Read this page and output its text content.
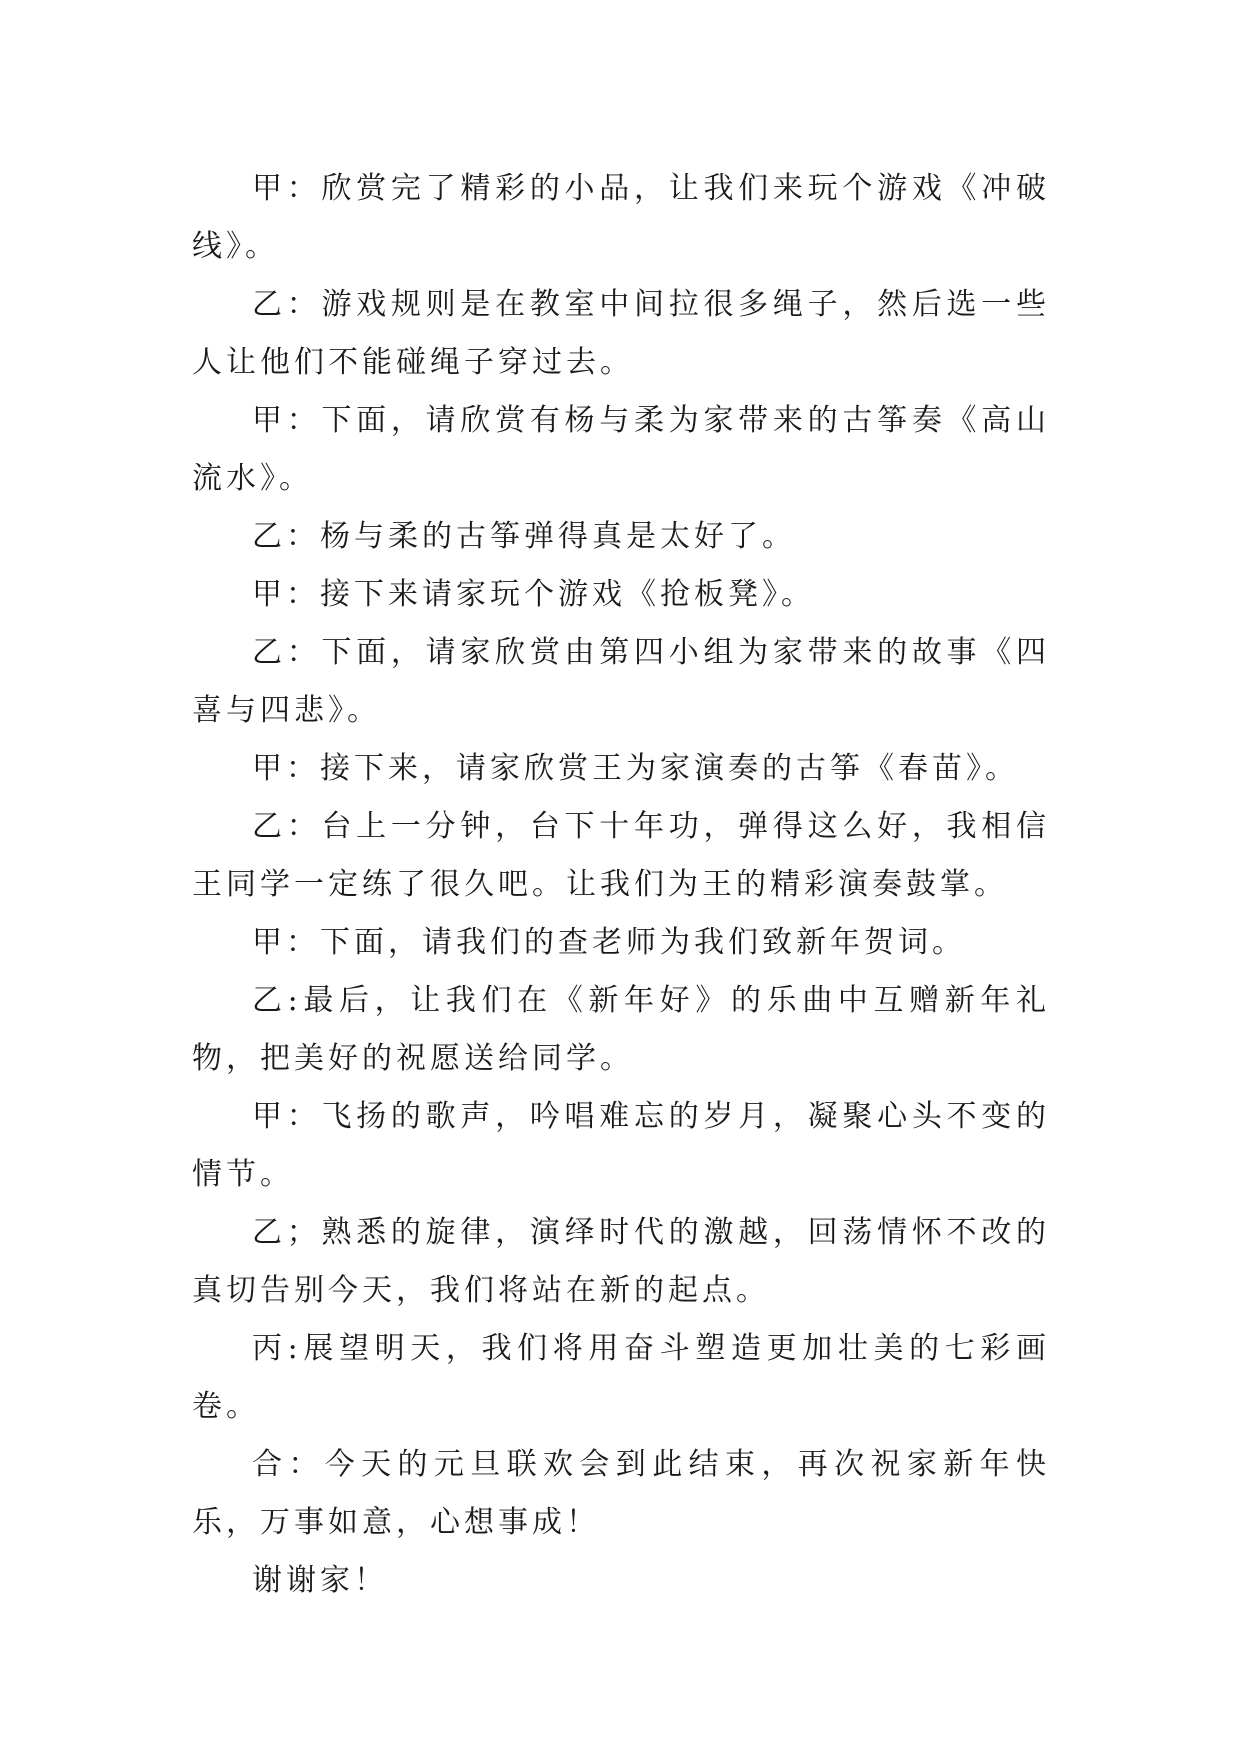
甲：欣赏完了精彩的小品，让我们来玩个游戏《冲破线》。

乙：游戏规则是在教室中间拉很多绳子，然后选一些人让他们不能碰绳子穿过去。

甲：下面，请欣赏有杨与柔为家带来的古筝奏《高山流水》。

乙：杨与柔的古筝弹得真是太好了。

甲：接下来请家玩个游戏《抢板凳》。

乙：下面，请家欣赏由第四小组为家带来的故事《四喜与四悲》。

甲：接下来，请家欣赏王为家演奏的古筝《春苗》。

乙：台上一分钟，台下十年功，弹得这么好，我相信王同学一定练了很久吧。让我们为王的精彩演奏鼓掌。

甲：下面，请我们的查老师为我们致新年贺词。

乙:最后，让我们在《新年好》的乐曲中互赠新年礼物，把美好的祝愿送给同学。

甲：飞扬的歌声，吟唱难忘的岁月，凝聚心头不变的情节。

乙；熟悉的旋律，演绎时代的激越，回荡情怀不改的真切告别今天，我们将站在新的起点。

丙:展望明天，我们将用奋斗塑造更加壮美的七彩画卷。

合：今天的元旦联欢会到此结束，再次祝家新年快乐，万事如意，心想事成！

谢谢家！
